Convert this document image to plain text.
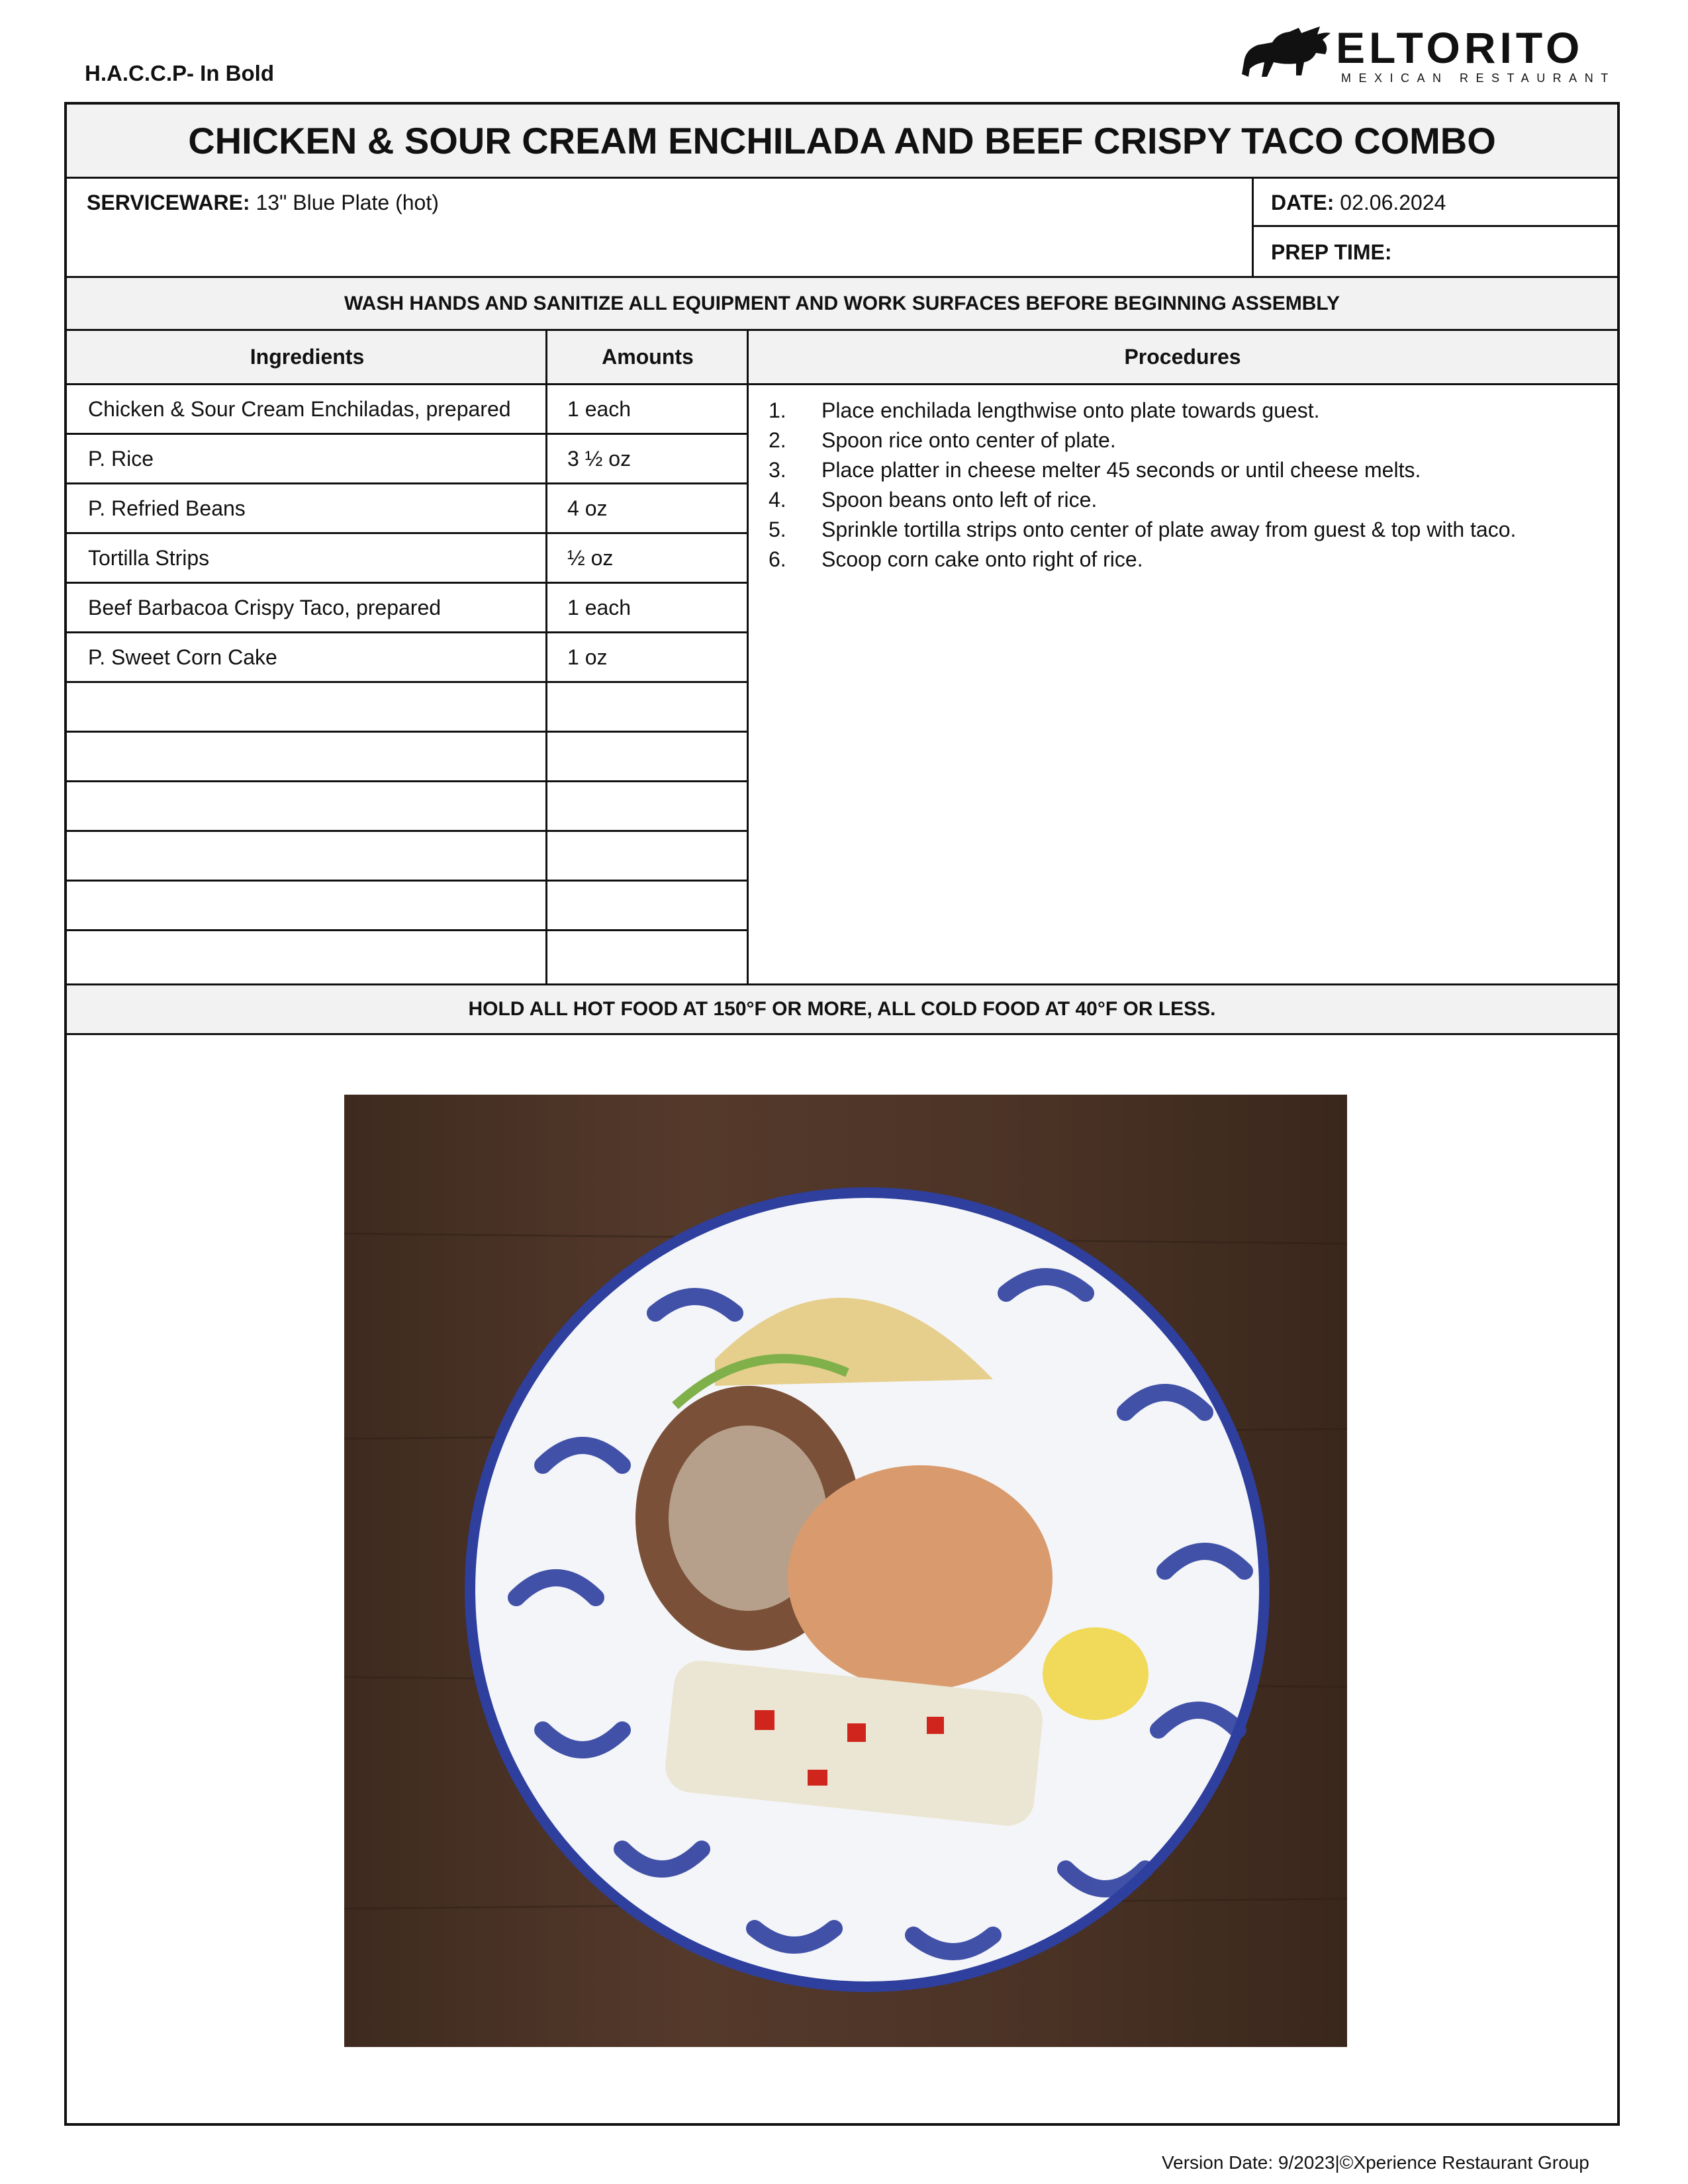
H.A.C.C.P- In Bold
ELTORITO
MEXICAN RESTAURANT
CHICKEN & SOUR CREAM ENCHILADA AND BEEF CRISPY TACO COMBO
SERVICEWARE: 13" Blue Plate (hot)	DATE: 02.06.2024
PREP TIME:
WASH HANDS AND SANITIZE ALL EQUIPMENT AND WORK SURFACES BEFORE BEGINNING ASSEMBLY
Ingredients	Amounts	Procedures
Chicken & Sour Cream Enchiladas, prepared	1 each
P. Rice	3 ½ oz
P. Refried Beans	4 oz
Tortilla Strips	½ oz
Beef Barbacoa Crispy Taco, prepared	1 each
P. Sweet Corn Cake	1 oz
1.	Place enchilada lengthwise onto plate towards guest.
2.	Spoon rice onto center of plate.
3.	Place platter in cheese melter 45 seconds or until cheese melts.
4.	Spoon beans onto left of rice.
5.	Sprinkle tortilla strips onto center of plate away from guest & top with taco.
6.	Scoop corn cake onto right of rice.
HOLD ALL HOT FOOD AT 150°F OR MORE, ALL COLD FOOD AT 40°F OR LESS.
Version Date: 9/2023|©Xperience Restaurant Group
